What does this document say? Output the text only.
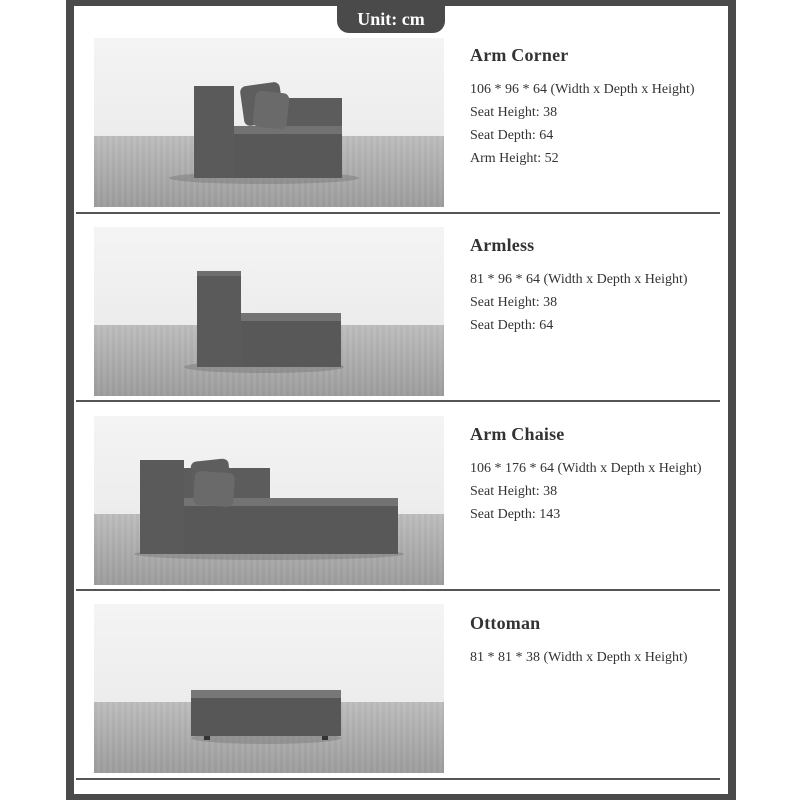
Unit: cm
Arm Corner
106 * 96 * 64 (Width x Depth x Height)
Seat Height: 38
Seat Depth: 64
Arm Height: 52
Armless
81 * 96 * 64 (Width x Depth x Height)
Seat Height: 38
Seat Depth: 64
Arm Chaise
106 * 176 * 64 (Width x Depth x Height)
Seat Height: 38
Seat Depth: 143
Ottoman
81 * 81 * 38 (Width x Depth x Height)
